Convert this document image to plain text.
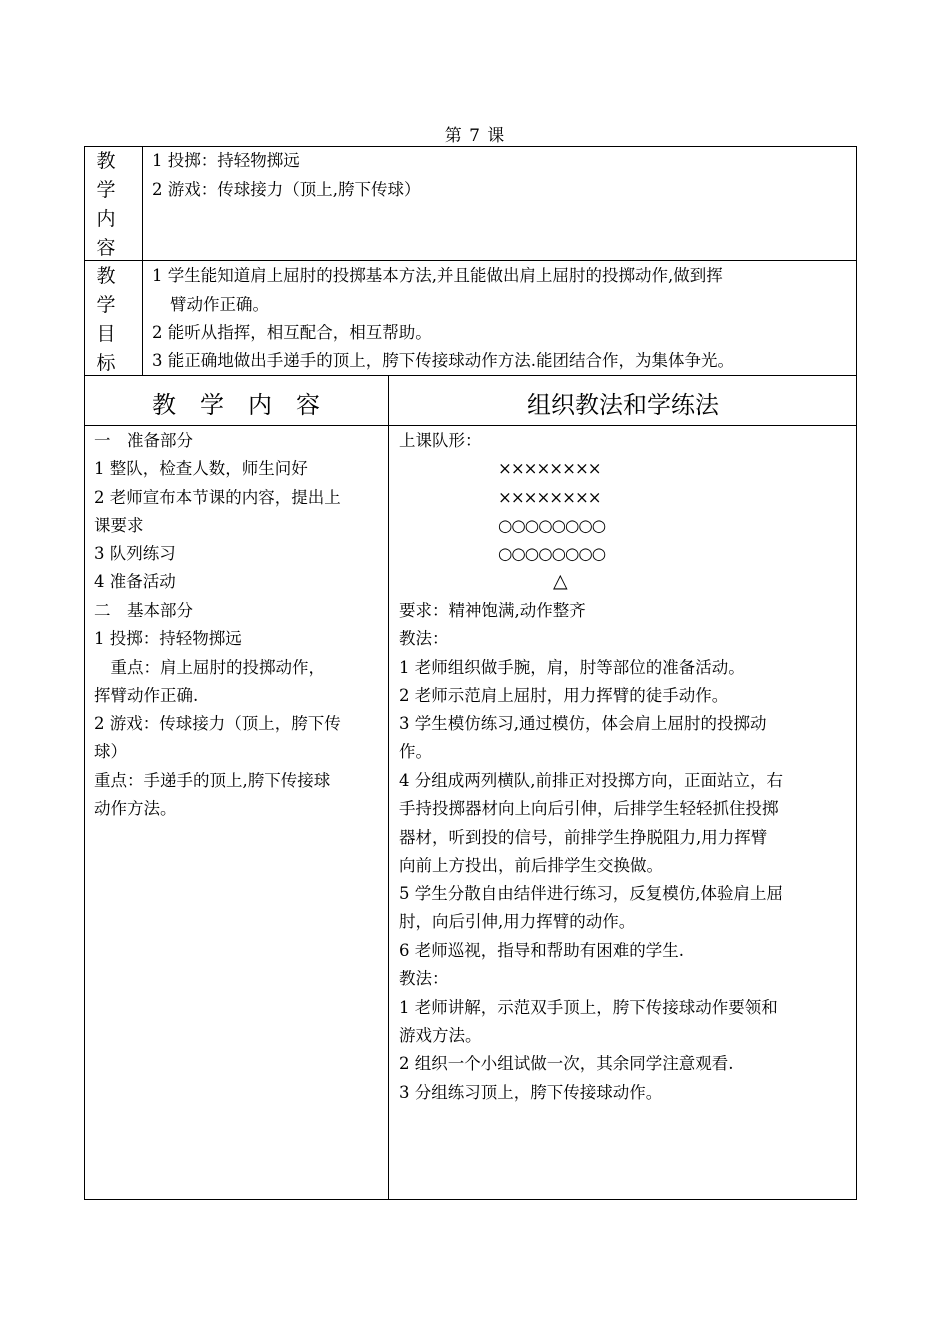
第 7 课
教
学
内
容
1 投掷：持轻物掷远
2 游戏：传球接力（顶上,胯下传球）
教
学
目
标
1 学生能知道肩上屈肘的投掷基本方法,并且能做出肩上屈肘的投掷动作,做到挥
臂动作正确。
2 能听从指挥，相互配合，相互帮助。
3 能正确地做出手递手的顶上，胯下传接球动作方法.能团结合作，为集体争光。
教　学　内　容	组织教法和学练法
一　准备部分
1 整队，检查人数，师生问好
2 老师宣布本节课的内容，提出上
课要求
3 队列练习
4 准备活动
二　基本部分
1 投掷：持轻物掷远
　重点：肩上屈肘的投掷动作，
挥臂动作正确.
2 游戏：传球接力（顶上，胯下传
球）
重点：手递手的顶上,胯下传接球
动作方法。
上课队形：
××××××××
××××××××
○○○○○○○○
○○○○○○○○
△
要求：精神饱满,动作整齐
教法：
1 老师组织做手腕，肩，肘等部位的准备活动。
2 老师示范肩上屈肘，用力挥臂的徒手动作。
3 学生模仿练习,通过模仿，体会肩上屈肘的投掷动
作。
4 分组成两列横队,前排正对投掷方向，正面站立，右
手持投掷器材向上向后引伸，后排学生轻轻抓住投掷
器材，听到投的信号，前排学生挣脱阻力,用力挥臂
向前上方投出，前后排学生交换做。
5 学生分散自由结伴进行练习，反复模仿,体验肩上屈
肘，向后引伸,用力挥臂的动作。
6 老师巡视，指导和帮助有困难的学生.
教法：
1 老师讲解，示范双手顶上，胯下传接球动作要领和
游戏方法。
2 组织一个小组试做一次，其余同学注意观看.
3 分组练习顶上，胯下传接球动作。
